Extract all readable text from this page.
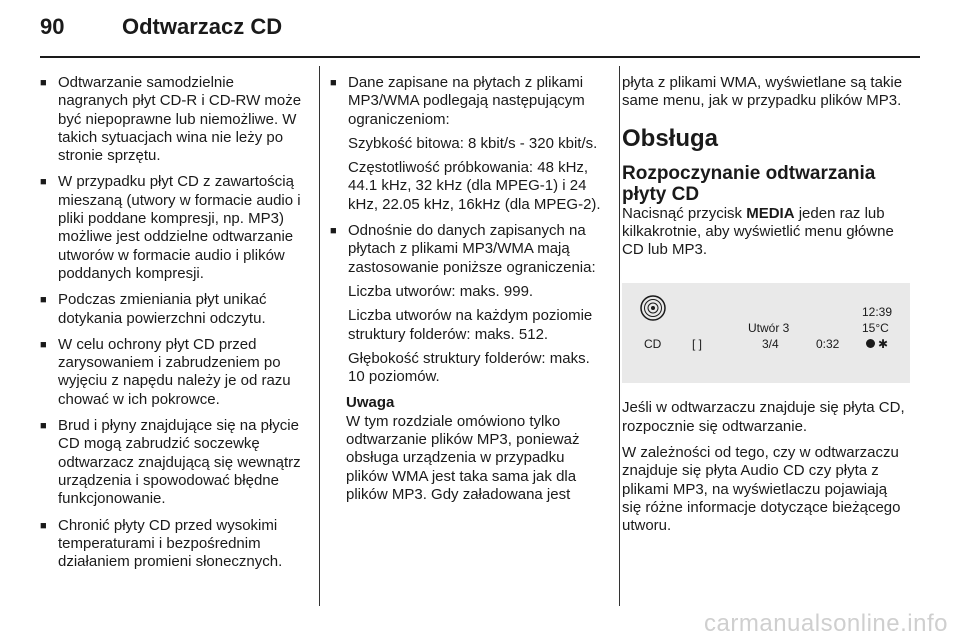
90	Odtwarzacz CD
■ Odtwarzanie samodzielnie nagranych płyt CD-R i CD-RW może być niepoprawne lub niemożliwe. W takich sytuacjach wina nie leży po stronie sprzętu.
■ W przypadku płyt CD z zawartością mieszaną (utwory w formacie audio i pliki poddane kompresji, np. MP3) możliwe jest oddzielne odtwarzanie utworów w formacie audio i plików poddanych kompresji.
■ Podczas zmieniania płyt unikać dotykania powierzchni odczytu.
■ W celu ochrony płyt CD przed zarysowaniem i zabrudzeniem po wyjęciu z napędu należy je od razu chować w ich pokrowce.
■ Brud i płyny znajdujące się na płycie CD mogą zabrudzić soczewkę odtwarzacz znajdującą się wewnątrz urządzenia i spowodować błędne funkcjonowanie.
■ Chronić płyty CD przed wysokimi temperaturami i bezpośrednim działaniem promieni słonecznych.
■ Dane zapisane na płytach z plikami MP3/WMA podlegają następującym ograniczeniom:
Szybkość bitowa: 8 kbit/s - 320 kbit/s.
Częstotliwość próbkowania: 48 kHz, 44.1 kHz, 32 kHz (dla MPEG-1) i 24 kHz, 22.05 kHz, 16kHz (dla MPEG-2).
■ Odnośnie do danych zapisanych na płytach z plikami MP3/WMA mają zastosowanie poniższe ograniczenia:
Liczba utworów: maks. 999.
Liczba utworów na każdym poziomie struktury folderów: maks. 512.
Głębokość struktury folderów: maks. 10 poziomów.
Uwaga
W tym rozdziale omówiono tylko odtwarzanie plików MP3, ponieważ obsługa urządzenia w przypadku plików WMA jest taka sama jak dla plików MP3. Gdy załadowana jest

płyta z plikami WMA, wyświetlane są takie same menu, jak w przypadku plików MP3.

Obsługa
Rozpoczynanie odtwarzania płyty CD

Nacisnąć przycisk MEDIA jeden raz lub kilkakrotnie, aby wyświetlić menu główne CD lub MP3.

CD	[ ]
Utwór 3
3/4	0:32
12:39
15°C
✱

Jeśli w odtwarzaczu znajduje się płyta CD, rozpocznie się odtwarzanie.

W zależności od tego, czy w odtwarzaczu znajduje się płyta Audio CD czy płyta z plikami MP3, na wyświetlaczu pojawiają się różne informacje dotyczące bieżącego utworu.

carmanualsonline.info
